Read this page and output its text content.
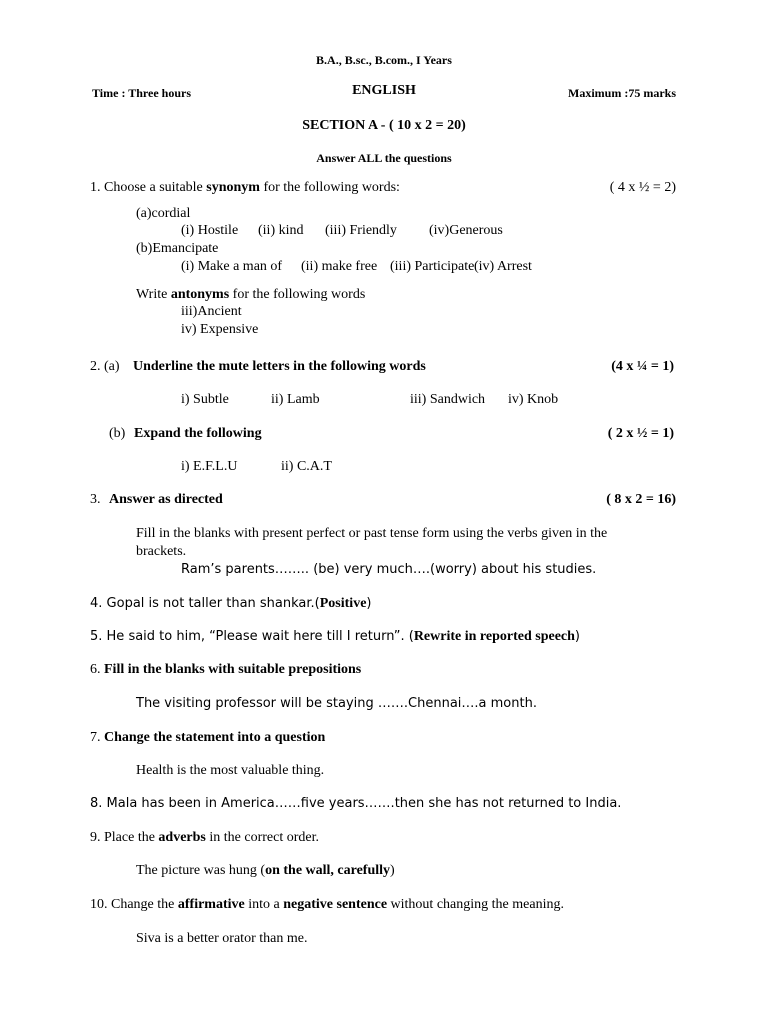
B.A., B.sc., B.com., I Years
Time : Three hours	ENGLISH	Maximum :75 marks
SECTION A - ( 10 x 2 = 20)
Answer ALL the questions
1. Choose a suitable synonym for the following words:	( 4 x ½ = 2)
(a)cordial
(i) Hostile (ii) kind (iii) Friendly (iv)Generous
(b)Emancipate
(i) Make a man of (ii) make free (iii) Participate (iv) Arrest
Write antonyms for the following words
iii)Ancient
iv) Expensive
2. (a) Underline the mute letters in the following words	(4 x ¼ = 1)
i) Subtle	ii) Lamb	iii) Sandwich iv) Knob
(b) Expand the following	( 2 x ½ = 1)
i) E.F.L.U	ii) C.A.T
3. Answer as directed	( 8 x 2 = 16)
Fill in the blanks with present perfect or past tense form using the verbs given in the
brackets.
Ram’s parents…….. (be) very much….(worry) about his studies.
4. Gopal is not taller than shankar.(Positive)
5. He said to him, “Please wait here till I return”. (Rewrite in reported speech)
6. Fill in the blanks with suitable prepositions
The visiting professor will be staying …….Chennai….a month.
7. Change the statement into a question
Health is the most valuable thing.
8. Mala has been in America……five years…….then she has not returned to India.
9. Place the adverbs in the correct order.
The picture was hung (on the wall, carefully)
10. Change the affirmative into a negative sentence without changing the meaning.
Siva is a better orator than me.
